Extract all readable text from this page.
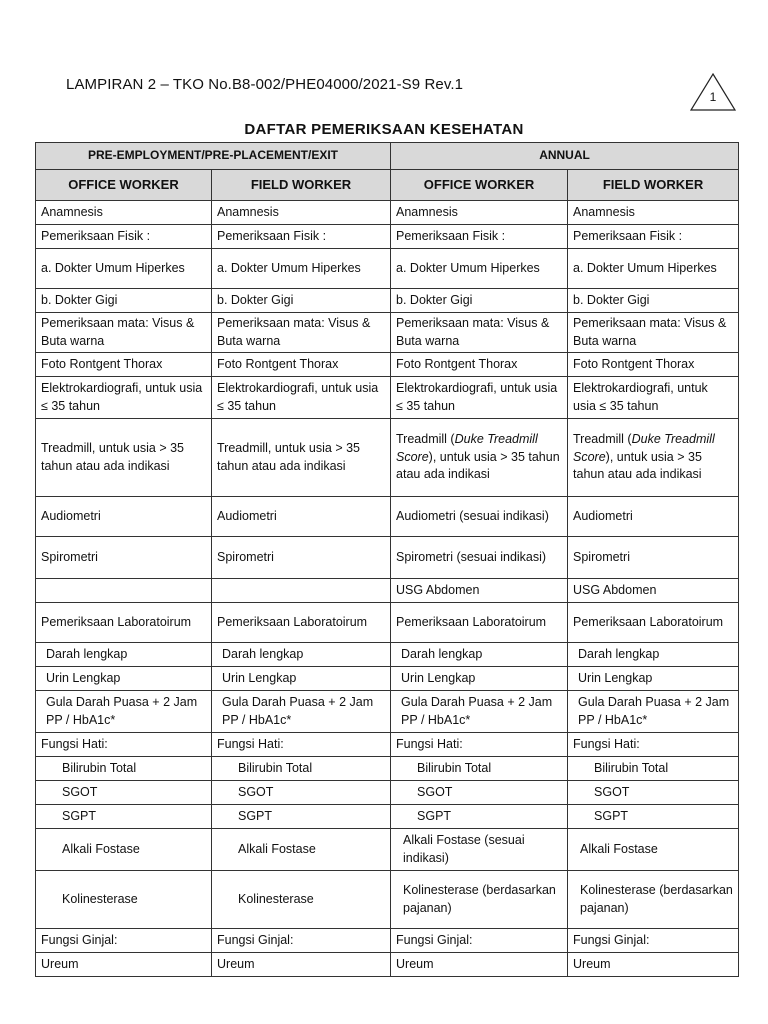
LAMPIRAN 2 – TKO No.B8-002/PHE04000/2021-S9 Rev.1
1
DAFTAR PEMERIKSAAN KESEHATAN
PRE-EMPLOYMENT/PRE-PLACEMENT/EXIT		ANNUAL	
OFFICE WORKER	FIELD WORKER	OFFICE WORKER	FIELD WORKER
Anamnesis	Anamnesis	Anamnesis	Anamnesis
Pemeriksaan Fisik :	Pemeriksaan Fisik :	Pemeriksaan Fisik :	Pemeriksaan Fisik :
a. Dokter Umum Hiperkes	a. Dokter Umum Hiperkes	a. Dokter Umum Hiperkes	a. Dokter Umum Hiperkes
b. Dokter Gigi	b. Dokter Gigi	b. Dokter Gigi	b. Dokter Gigi
Pemeriksaan mata: Visus & Buta warna	Pemeriksaan mata: Visus & Buta warna	Pemeriksaan mata: Visus & Buta warna	Pemeriksaan mata: Visus & Buta warna
Foto Rontgent Thorax	Foto Rontgent Thorax	Foto Rontgent Thorax	Foto Rontgent Thorax
Elektrokardiografi, untuk usia ≤ 35 tahun	Elektrokardiografi, untuk usia ≤ 35 tahun	Elektrokardiografi, untuk usia ≤ 35 tahun	Elektrokardiografi, untuk usia ≤ 35 tahun
Treadmill, untuk usia > 35 tahun atau ada indikasi	Treadmill, untuk usia > 35 tahun atau ada indikasi	Treadmill (Duke Treadmill Score), untuk usia > 35 tahun atau ada indikasi	Treadmill (Duke Treadmill Score), untuk usia > 35 tahun atau ada indikasi
Audiometri	Audiometri	Audiometri (sesuai indikasi)	Audiometri
Spirometri	Spirometri	Spirometri (sesuai indikasi)	Spirometri
		USG Abdomen	USG Abdomen
Pemeriksaan Laboratoirum	Pemeriksaan Laboratoirum	Pemeriksaan Laboratoirum	Pemeriksaan Laboratoirum
Darah lengkap	Darah lengkap	Darah lengkap	Darah lengkap
Urin Lengkap	Urin Lengkap	Urin Lengkap	Urin Lengkap
Gula Darah Puasa + 2 Jam PP / HbA1c*	Gula Darah Puasa + 2 Jam PP / HbA1c*	Gula Darah Puasa + 2 Jam PP / HbA1c*	Gula Darah Puasa + 2 Jam PP / HbA1c*
Fungsi Hati:	Fungsi Hati:	Fungsi Hati:	Fungsi Hati:
Bilirubin Total	Bilirubin Total	Bilirubin Total	Bilirubin Total
SGOT	SGOT	SGOT	SGOT
SGPT	SGPT	SGPT	SGPT
Alkali Fostase	Alkali Fostase	Alkali Fostase (sesuai indikasi)	Alkali Fostase
Kolinesterase	Kolinesterase	Kolinesterase (berdasarkan pajanan)	Kolinesterase (berdasarkan pajanan)
Fungsi Ginjal:	Fungsi Ginjal:	Fungsi Ginjal:	Fungsi Ginjal:
Ureum	Ureum	Ureum	Ureum
